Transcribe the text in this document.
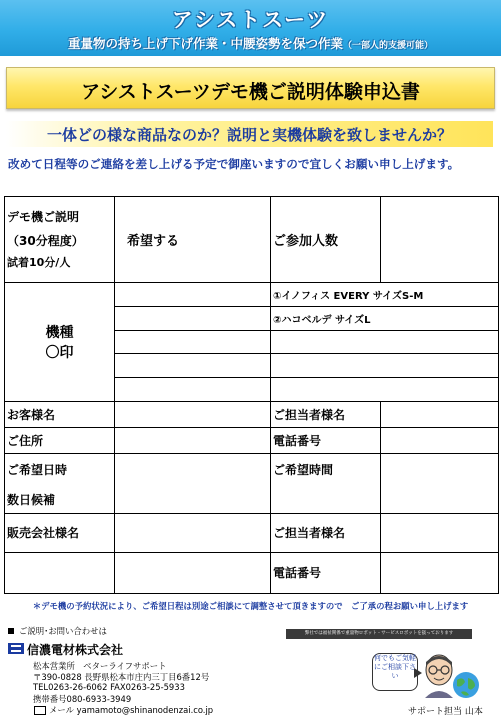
アシストスーツ
重量物の持ち上げ下げ作業・中腰姿勢を保つ作業（一部人的支援可能）
アシストスーツデモ機ご説明体験申込書
一体どの様な商品なのか？説明と実機体験を致しませんか？
改めて日程等のご連絡を差し上げる予定で御座いますので宜しくお願い申し上げます。
デモ機ご説明
（30分程度）
試着10分/人	希望する	ご参加人数	

機種
〇印		①イノフィス EVERY サイズS-M	
		②ハコベルデ サイズL	

お客様名		ご担当者様名	
ご住所		電話番号	
ご希望日時		ご希望時間	
数日候補			
販売会社様名		ご担当者様名	
		電話番号	
＊デモ機の予約状況により、ご希望日程は別途ご相談にて調整させて頂きますので　ご了承の程お願い申し上げます
ご説明･お問い合わせは
信濃電材株式会社
松本営業所　ベターライフサポート
〒390-0828 長野県松本市庄内三丁目6番12号
TEL0263-26-6062 FAX0263-25-5933
携帯番号080-6933-3949
メール yamamoto@shinanodenzai.co.jp
弊社では福祉関係で重量物ロボット・サービスロボットを扱っております
何でもご気軽にご相談下さい
サポート担当 山本
